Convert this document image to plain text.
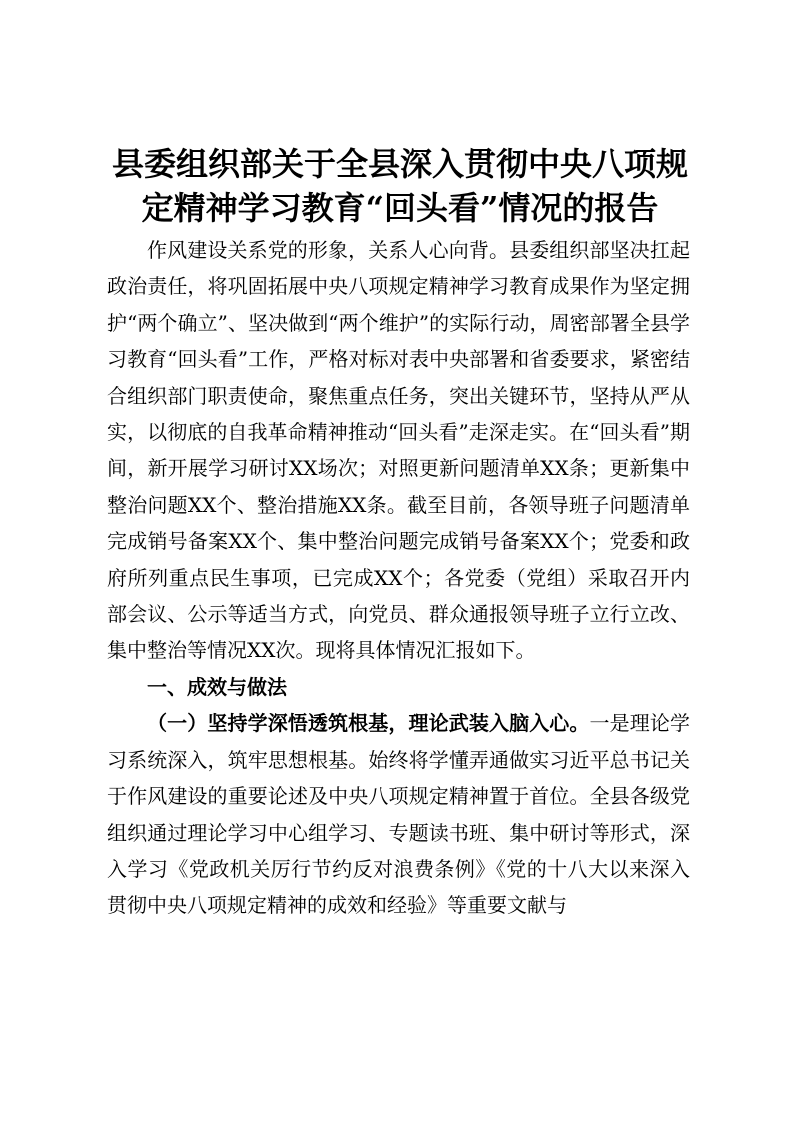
县委组织部关于全县深入贯彻中央八项规定精神学习教育“回头看”情况的报告

作风建设关系党的形象，关系人心向背。县委组织部坚决扛起政治责任，将巩固拓展中央八项规定精神学习教育成果作为坚定拥护“两个确立”、坚决做到“两个维护”的实际行动，周密部署全县学习教育“回头看”工作，严格对标对表中央部署和省委要求，紧密结合组织部门职责使命，聚焦重点任务，突出关键环节，坚持从严从实，以彻底的自我革命精神推动“回头看”走深走实。在“回头看”期间，新开展学习研讨XX场次；对照更新问题清单XX条；更新集中整治问题XX个、整治措施XX条。截至目前，各领导班子问题清单完成销号备案XX个、集中整治问题完成销号备案XX个；党委和政府所列重点民生事项，已完成XX个；各党委（党组）采取召开内部会议、公示等适当方式，向党员、群众通报领导班子立行立改、集中整治等情况XX次。现将具体情况汇报如下。

一、成效与做法

（一）坚持学深悟透筑根基，理论武装入脑入心。一是理论学习系统深入，筑牢思想根基。始终将学懂弄通做实习近平总书记关于作风建设的重要论述及中央八项规定精神置于首位。全县各级党组织通过理论学习中心组学习、专题读书班、集中研讨等形式，深入学习《党政机关厉行节约反对浪费条例》《党的十八大以来深入贯彻中央八项规定精神的成效和经验》等重要文献与
